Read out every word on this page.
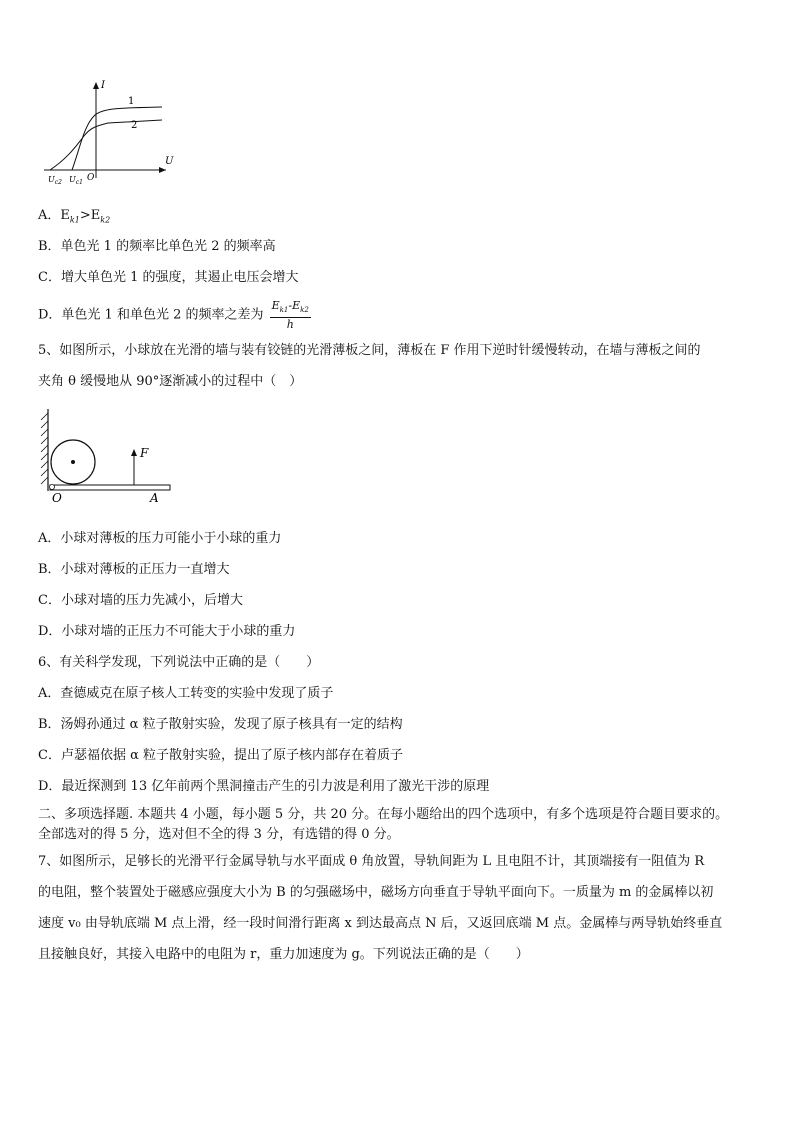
I
U
1
2
$U_{c2}$ $U_{c1}$ O
A．$E_{k1}>E_{k2}$
B．单色光 1 的频率比单色光 2 的频率高
C．增大单色光 1 的强度，其遏止电压会增大
D．单色光 1 和单色光 2 的频率之差为 $\frac{E_{k1}-E_{k2}}{h}$
5、如图所示，小球放在光滑的墙与装有铰链的光滑薄板之间，薄板在 F 作用下逆时针缓慢转动，在墙与薄板之间的
夹角 θ 缓慢地从 90°逐渐减小的过程中（　）
F
O	A
A．小球对薄板的压力可能小于小球的重力
B．小球对薄板的正压力一直增大
C．小球对墙的压力先减小，后增大
D．小球对墙的正压力不可能大于小球的重力
6、有关科学发现，下列说法中正确的是（　　）
A．查德威克在原子核人工转变的实验中发现了质子
B．汤姆孙通过 α 粒子散射实验，发现了原子核具有一定的结构
C．卢瑟福依据 α 粒子散射实验，提出了原子核内部存在着质子
D．最近探测到 13 亿年前两个黑洞撞击产生的引力波是利用了激光干涉的原理
二、多项选择题. 本题共 4 小题，每小题 5 分，共 20 分。在每小题给出的四个选项中，有多个选项是符合题目要求的。
全部选对的得 5 分，选对但不全的得 3 分，有选错的得 0 分。
7、如图所示，足够长的光滑平行金属导轨与水平面成 θ 角放置，导轨间距为 L 且电阻不计，其顶端接有一阻值为 R
的电阻，整个装置处于磁感应强度大小为 B 的匀强磁场中，磁场方向垂直于导轨平面向下。一质量为 m 的金属棒以初
速度 v₀ 由导轨底端 M 点上滑，经一段时间滑行距离 x 到达最高点 N 后，又返回底端 M 点。金属棒与两导轨始终垂直
且接触良好，其接入电路中的电阻为 r，重力加速度为 g。下列说法正确的是（　　）
